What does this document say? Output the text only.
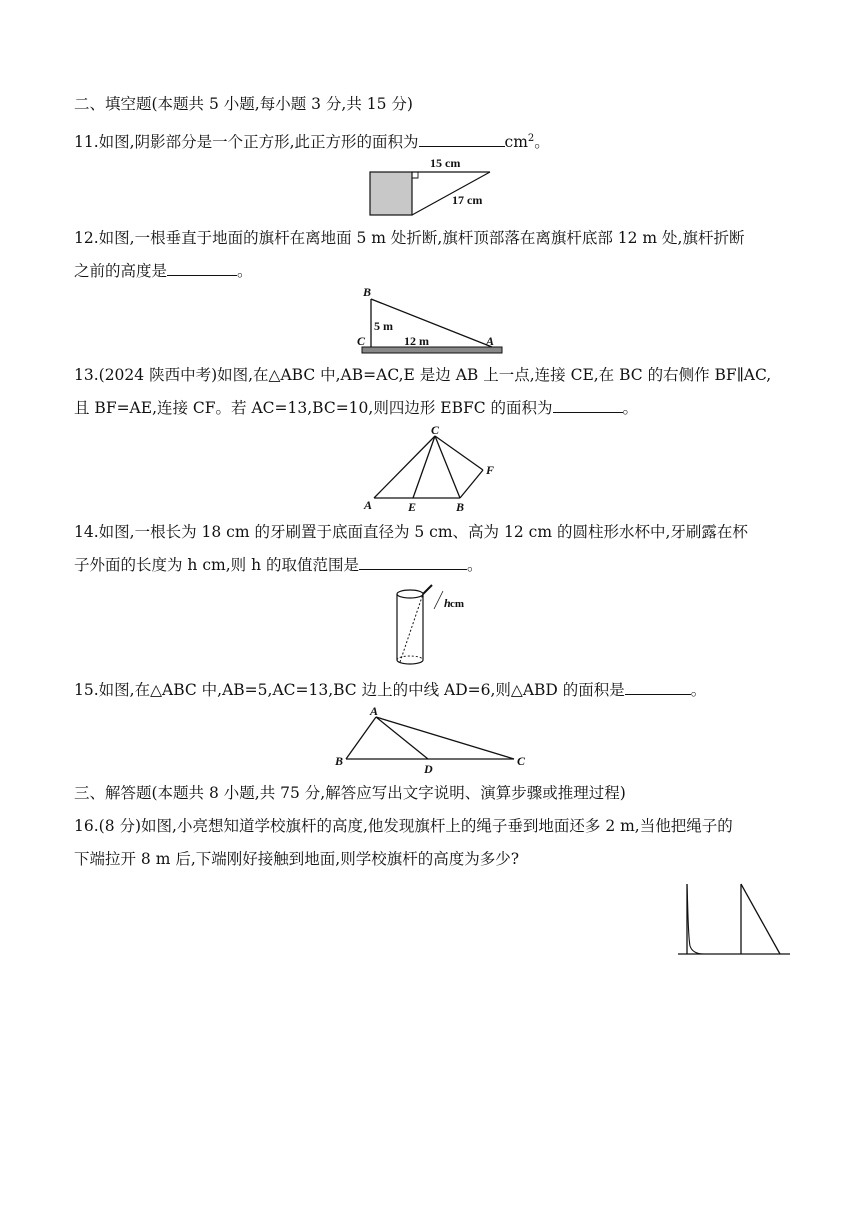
二、填空题(本题共 5 小题,每小题 3 分,共 15 分)
11.如图,阴影部分是一个正方形,此正方形的面积为	$cm^2$。
15 cm
17 cm
12.如图,一根垂直于地面的旗杆在离地面 5 m 处折断,旗杆顶部落在离旗杆底部 12 m 处,旗杆折断
之前的高度是	。
B
C	A
5 m
12 m
13.(2024 陕西中考)如图,在△ABC 中,AB=AC,E 是边 AB 上一点,连接 CE,在 BC 的右侧作 BF∥AC,
且 BF=AE,连接 CF。若 AC=13,BC=10,则四边形 EBFC 的面积为	。
C
A	E	B
F
14.如图,一根长为 18 cm 的牙刷置于底面直径为 5 cm、高为 12 cm 的圆柱形水杯中,牙刷露在杯
子外面的长度为 h cm,则 h 的取值范围是	。
h cm
15.如图,在△ABC 中,AB=5,AC=13,BC 边上的中线 AD=6,则△ABD 的面积是	。
A
B	C
D
三、解答题(本题共 8 小题,共 75 分,解答应写出文字说明、演算步骤或推理过程)
16.(8 分)如图,小亮想知道学校旗杆的高度,他发现旗杆上的绳子垂到地面还多 2 m,当他把绳子的
下端拉开 8 m 后,下端刚好接触到地面,则学校旗杆的高度为多少?
